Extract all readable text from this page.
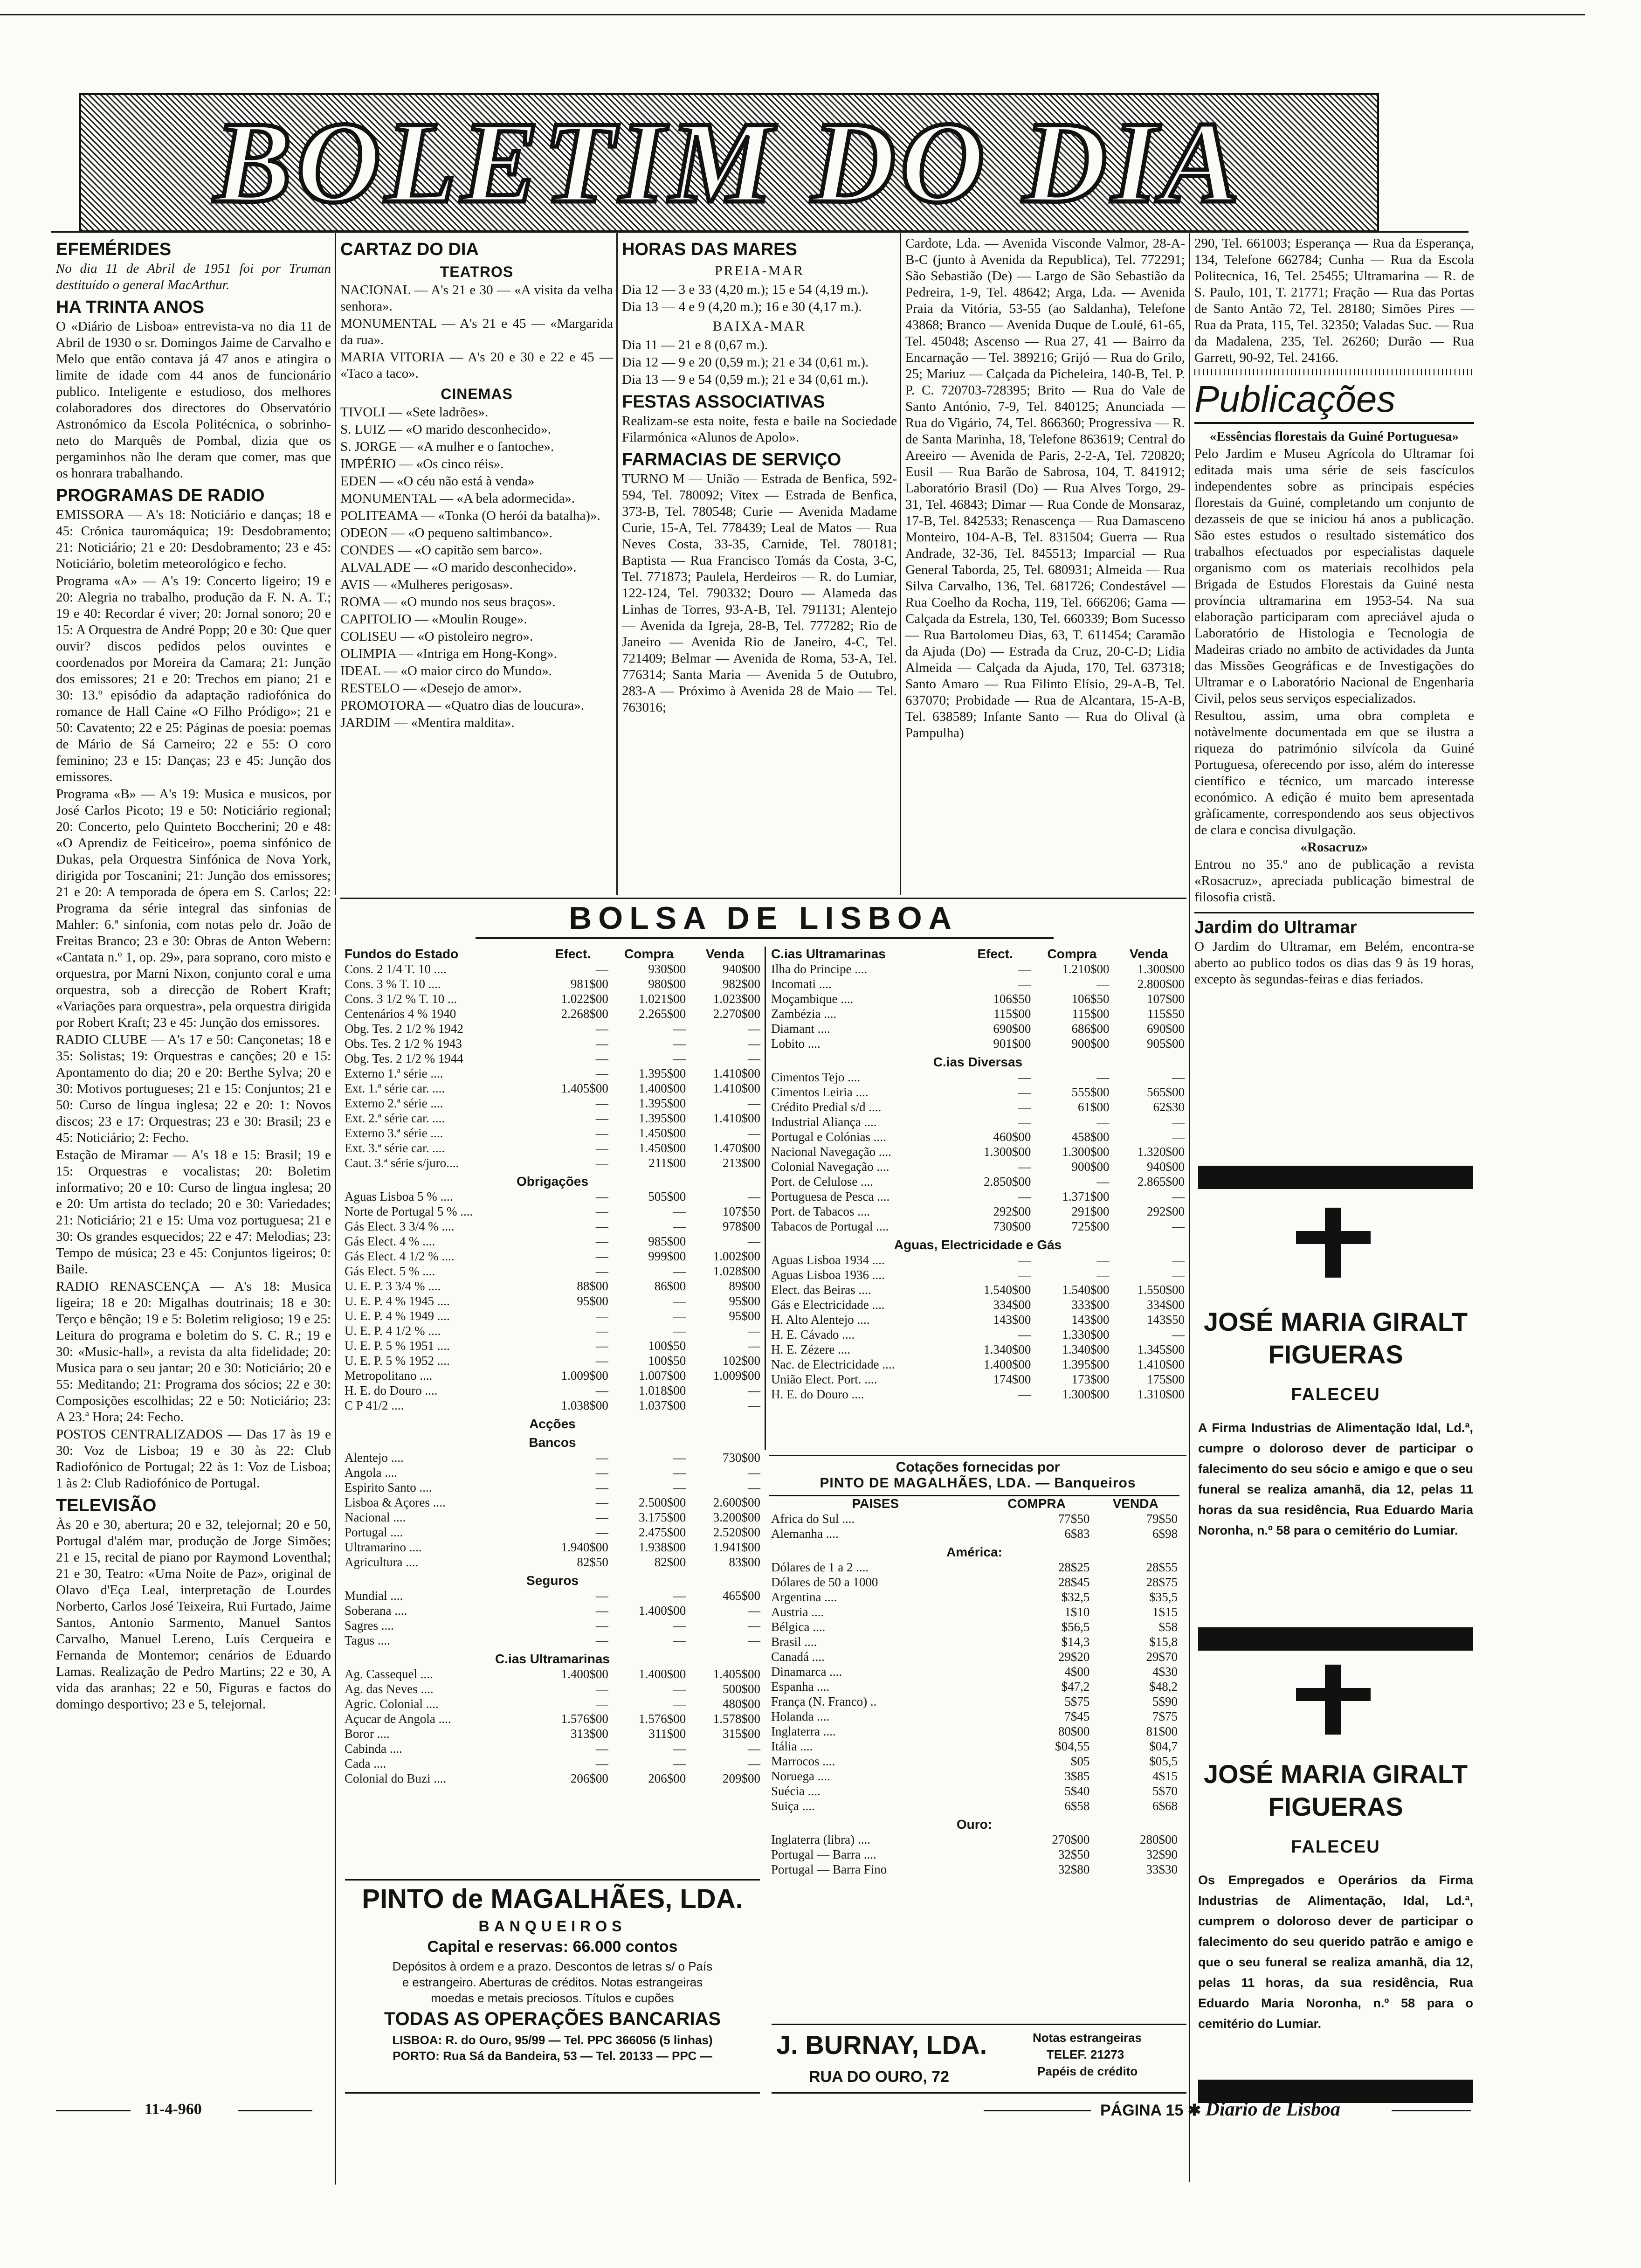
BOLETIM DO DIA
EFEMÉRIDES

No dia 11 de Abril de 1951 foi por Truman destituído o general MacArthur.

HA TRINTA ANOS

O «Diário de Lisboa» entrevista-va no dia 11 de Abril de 1930 o sr. Domingos Jaime de Carvalho e Melo que então contava já 47 anos e atingira o limite de idade com 44 anos de funcionário publico. Inteligente e estudioso, dos melhores colaboradores dos directores do Observatório Astronómico da Escola Politécnica, o sobrinho-neto do Marquês de Pombal, dizia que os pergaminhos não lhe deram que comer, mas que os honrara trabalhando.

PROGRAMAS DE RADIO

EMISSORA — A's 18: Noticiário e danças; 18 e 45: Crónica tauromáquica; 19: Desdobramento; 21: Noticiário; 21 e 20: Desdobramento; 23 e 45: Noticiário, boletim meteorológico e fecho.

Programa «A» — A's 19: Concerto ligeiro; 19 e 20: Alegria no trabalho, produção da F. N. A. T.; 19 e 40: Recordar é viver; 20: Jornal sonoro; 20 e 15: A Orquestra de André Popp; 20 e 30: Que quer ouvir? discos pedidos pelos ouvintes e coordenados por Moreira da Camara; 21: Junção dos emissores; 21 e 20: Trechos em piano; 21 e 30: 13.º episódio da adaptação radiofónica do romance de Hall Caine «O Filho Pródigo»; 21 e 50: Cavatento; 22 e 25: Páginas de poesia: poemas de Mário de Sá Carneiro; 22 e 55: O coro feminino; 23 e 15: Danças; 23 e 45: Junção dos emissores.

Programa «B» — A's 19: Musica e musicos, por José Carlos Picoto; 19 e 50: Noticiário regional; 20: Concerto, pelo Quinteto Boccherini; 20 e 48: «O Aprendiz de Feiticeiro», poema sinfónico de Dukas, pela Orquestra Sinfónica de Nova York, dirigida por Toscanini; 21: Junção dos emissores; 21 e 20: A temporada de ópera em S. Carlos; 22: Programa da série integral das sinfonias de Mahler: 6.ª sinfonia, com notas pelo dr. João de Freitas Branco; 23 e 30: Obras de Anton Webern: «Cantata n.º 1, op. 29», para soprano, coro misto e orquestra, por Marni Nixon, conjunto coral e uma orquestra, sob a direcção de Robert Kraft; «Variações para orquestra», pela orquestra dirigida por Robert Kraft; 23 e 45: Junção dos emissores.

RADIO CLUBE — A's 17 e 50: Cançonetas; 18 e 35: Solistas; 19: Orquestras e canções; 20 e 15: Apontamento do dia; 20 e 20: Berthe Sylva; 20 e 30: Motivos portugueses; 21 e 15: Conjuntos; 21 e 50: Curso de língua inglesa; 22 e 20: 1: Novos discos; 23 e 17: Orquestras; 23 e 30: Brasil; 23 e 45: Noticiário; 2: Fecho.

Estação de Miramar — A's 18 e 15: Brasil; 19 e 15: Orquestras e vocalistas; 20: Boletim informativo; 20 e 10: Curso de lingua inglesa; 20 e 20: Um artista do teclado; 20 e 30: Variedades; 21: Noticiário; 21 e 15: Uma voz portuguesa; 21 e 30: Os grandes esquecidos; 22 e 47: Melodias; 23: Tempo de música; 23 e 45: Conjuntos ligeiros; 0: Baile.

RADIO RENASCENÇA — A's 18: Musica ligeira; 18 e 20: Migalhas doutrinais; 18 e 30: Terço e bênção; 19 e 5: Boletim religioso; 19 e 25: Leitura do programa e boletim do S. C. R.; 19 e 30: «Music-hall», a revista da alta fidelidade; 20: Musica para o seu jantar; 20 e 30: Noticiário; 20 e 55: Meditando; 21: Programa dos sócios; 22 e 30: Composições escolhidas; 22 e 50: Noticiário; 23: A 23.ª Hora; 24: Fecho.

POSTOS CENTRALIZADOS — Das 17 às 19 e 30: Voz de Lisboa; 19 e 30 às 22: Club Radiofónico de Portugal; 22 às 1: Voz de Lisboa; 1 às 2: Club Radiofónico de Portugal.

TELEVISÃO

Às 20 e 30, abertura; 20 e 32, telejornal; 20 e 50, Portugal d'além mar, produção de Jorge Simões; 21 e 15, recital de piano por Raymond Loventhal; 21 e 30, Teatro: «Uma Noite de Paz», original de Olavo d'Eça Leal, interpretação de Lourdes Norberto, Carlos José Teixeira, Rui Furtado, Jaime Santos, Antonio Sarmento, Manuel Santos Carvalho, Manuel Lereno, Luís Cerqueira e Fernanda de Montemor; cenários de Eduardo Lamas. Realização de Pedro Martins; 22 e 30, A vida das aranhas; 22 e 50, Figuras e factos do domingo desportivo; 23 e 5, telejornal.

CARTAZ DO DIA
TEATROS

NACIONAL — A's 21 e 30 — «A visita da velha senhora».

MONUMENTAL — A's 21 e 45 — «Margarida da rua».

MARIA VITORIA — A's 20 e 30 e 22 e 45 — «Taco a taco».

CINEMAS

TIVOLI — «Sete ladrões».

S. LUIZ — «O marido desconhecido».

S. JORGE — «A mulher e o fantoche».

IMPÉRIO — «Os cinco réis».

EDEN — «O céu não está à venda»

MONUMENTAL — «A bela adormecida».

POLITEAMA — «Tonka (O herói da batalha)».

ODEON — «O pequeno saltimbanco».

CONDES — «O capitão sem barco».

ALVALADE — «O marido desconhecido».

AVIS — «Mulheres perigosas».

ROMA — «O mundo nos seus braços».

CAPITOLIO — «Moulin Rouge».

COLISEU — «O pistoleiro negro».

OLIMPIA — «Intriga em Hong-Kong».

IDEAL — «O maior circo do Mundo».

RESTELO — «Desejo de amor».

PROMOTORA — «Quatro dias de loucura».

JARDIM — «Mentira maldita».

HORAS DAS MARES
PREIA-MAR

Dia 12 — 3 e 33 (4,20 m.); 15 e 54 (4,19 m.).

Dia 13 — 4 e 9 (4,20 m.); 16 e 30 (4,17 m.).

BAIXA-MAR

Dia 11 — 21 e 8 (0,67 m.).

Dia 12 — 9 e 20 (0,59 m.); 21 e 34 (0,61 m.).

Dia 13 — 9 e 54 (0,59 m.); 21 e 34 (0,61 m.).

FESTAS ASSOCIATIVAS

Realizam-se esta noite, festa e baile na Sociedade Filarmónica «Alunos de Apolo».

FARMACIAS DE SERVIÇO

TURNO M — União — Estrada de Benfica, 592-594, Tel. 780092; Vitex — Estrada de Benfica, 373-B, Tel. 780548; Curie — Avenida Madame Curie, 15-A, Tel. 778439; Leal de Matos — Rua Neves Costa, 33-35, Carnide, Tel. 780181; Baptista — Rua Francisco Tomás da Costa, 3-C, Tel. 771873; Paulela, Herdeiros — R. do Lumiar, 122-124, Tel. 790332; Douro — Alameda das Linhas de Torres, 93-A-B, Tel. 791131; Alentejo — Avenida da Igreja, 28-B, Tel. 777282; Rio de Janeiro — Avenida Rio de Janeiro, 4-C, Tel. 721409; Belmar — Avenida de Roma, 53-A, Tel. 776314; Santa Maria — Avenida 5 de Outubro, 283-A — Próximo à Avenida 28 de Maio — Tel. 763016;

Cardote, Lda. — Avenida Visconde Valmor, 28-A-B-C (junto à Avenida da Republica), Tel. 772291; São Sebastião (De) — Largo de São Sebastião da Pedreira, 1-9, Tel. 48642; Arga, Lda. — Avenida Praia da Vitória, 53-55 (ao Saldanha), Telefone 43868; Branco — Avenida Duque de Loulé, 61-65, Tel. 45048; Ascenso — Rua 27, 41 — Bairro da Encarnação — Tel. 389216; Grijó — Rua do Grilo, 25; Mariuz — Calçada da Picheleira, 140-B, Tel. P. P. C. 720703-728395; Brito — Rua do Vale de Santo António, 7-9, Tel. 840125; Anunciada — Rua do Vigário, 74, Tel. 866360; Progressiva — R. de Santa Marinha, 18, Telefone 863619; Central do Areeiro — Avenida de Paris, 2-2-A, Tel. 720820; Eusil — Rua Barão de Sabrosa, 104, T. 841912; Laboratório Brasil (Do) — Rua Alves Torgo, 29-31, Tel. 46843; Dimar — Rua Conde de Monsaraz, 17-B, Tel. 842533; Renascença — Rua Damasceno Monteiro, 104-A-B, Tel. 831504; Guerra — Rua Andrade, 32-36, Tel. 845513; Imparcial — Rua General Taborda, 25, Tel. 680931; Almeida — Rua Silva Carvalho, 136, Tel. 681726; Condestável — Rua Coelho da Rocha, 119, Tel. 666206; Gama — Calçada da Estrela, 130, Tel. 660339; Bom Sucesso — Rua Bartolomeu Dias, 63, T. 611454; Caramão da Ajuda (Do) — Estrada da Cruz, 20-C-D; Lidia Almeida — Calçada da Ajuda, 170, Tel. 637318; Santo Amaro — Rua Filinto Elísio, 29-A-B, Tel. 637070; Probidade — Rua de Alcantara, 15-A-B, Tel. 638589; Infante Santo — Rua do Olival (à Pampulha)

290, Tel. 661003; Esperança — Rua da Esperança, 134, Telefone 662784; Cunha — Rua da Escola Politecnica, 16, Tel. 25455; Ultramarina — R. de S. Paulo, 101, T. 21771; Fração — Rua das Portas de Santo Antão 72, Tel. 28180; Simões Pires — Rua da Prata, 115, Tel. 32350; Valadas Suc. — Rua da Madalena, 235, Tel. 26260; Durão — Rua Garrett, 90-92, Tel. 24166.

Publicações

«Essências florestais da Guiné Portuguesa»

Pelo Jardim e Museu Agrícola do Ultramar foi editada mais uma série de seis fascículos independentes sobre as principais espécies florestais da Guiné, completando um conjunto de dezasseis de que se iniciou há anos a publicação. São estes estudos o resultado sistemático dos trabalhos efectuados por especialistas daquele organismo com os materiais recolhidos pela Brigada de Estudos Florestais da Guiné nesta província ultramarina em 1953-54. Na sua elaboração participaram com apreciável ajuda o Laboratório de Histologia e Tecnologia de Madeiras criado no ambito de actividades da Junta das Missões Geográficas e de Investigações do Ultramar e o Laboratório Nacional de Engenharia Civil, pelos seus serviços especializados.

Resultou, assim, uma obra completa e notàvelmente documentada em que se ilustra a riqueza do património silvícola da Guiné Portuguesa, oferecendo por isso, além do interesse científico e técnico, um marcado interesse económico. A edição é muito bem apresentada gràficamente, correspondendo aos seus objectivos de clara e concisa divulgação.

«Rosacruz»

Entrou no 35.º ano de publicação a revista «Rosacruz», apreciada publicação bimestral de filosofia cristã.

Jardim do Ultramar

O Jardim do Ultramar, em Belém, encontra-se aberto ao publico todos os dias das 9 às 19 horas, excepto às segundas-feiras e dias feriados.

JOSÉ MARIA GIRALT
FIGUERAS
FALECEU
A Firma Industrias de Alimentação Idal, Ld.ª, cumpre o doloroso dever de participar o falecimento do seu sócio e amigo e que o seu funeral se realiza amanhã, dia 12, pelas 11 horas da sua residência, Rua Eduardo Maria Noronha, n.º 58 para o cemitério do Lumiar.
JOSÉ MARIA GIRALT
FIGUERAS
FALECEU
Os Empregados e Operários da Firma Industrias de Alimentação, Idal, Ld.ª, cumprem o doloroso dever de participar o falecimento do seu querido patrão e amigo e que o seu funeral se realiza amanhã, dia 12, pelas 11 horas, da sua residência, Rua Eduardo Maria Noronha, n.º 58 para o cemitério do Lumiar.
BOLSA DE LISBOA
Fundos do Estado	Efect.	Compra	Venda
Cons. 2 1/4 T. 10 ....	—	930$00	940$00
Cons. 3 % T. 10 ....	981$00	980$00	982$00
Cons. 3 1/2 % T. 10 ...	1.022$00	1.021$00	1.023$00
Centenários 4 % 1940	2.268$00	2.265$00	2.270$00
Obg. Tes. 2 1/2 % 1942	—	—	—
Obs. Tes. 2 1/2 % 1943	—	—	—
Obg. Tes. 2 1/2 % 1944	—	—	—
Externo 1.ª série ....	—	1.395$00	1.410$00
Ext. 1.ª série car. ....	1.405$00	1.400$00	1.410$00
Externo 2.ª série ....	—	1.395$00	—
Ext. 2.ª série car. ....	—	1.395$00	1.410$00
Externo 3.ª série ....	—	1.450$00	—
Ext. 3.ª série car. ....	—	1.450$00	1.470$00
Caut. 3.ª série s/juro....	—	211$00	213$00
Obrigações			
Aguas Lisboa 5 % ....	—	505$00	—
Norte de Portugal 5 % ....	—	—	107$50
Gás Elect. 3 3/4 % ....	—	—	978$00
Gás Elect. 4 % ....	—	985$00	—
Gás Elect. 4 1/2 % ....	—	999$00	1.002$00
Gás Elect. 5 % ....	—	—	1.028$00
U. E. P. 3 3/4 % ....	88$00	86$00	89$00
U. E. P. 4 % 1945 ....	95$00	—	95$00
U. E. P. 4 % 1949 ....	—	—	95$00
U. E. P. 4 1/2 % ....	—	—	—
U. E. P. 5 % 1951 ....	—	100$50	—
U. E. P. 5 % 1952 ....	—	100$50	102$00
Metropolitano ....	1.009$00	1.007$00	1.009$00
H. E. do Douro ....	—	1.018$00	—
C P 41/2 ....	1.038$00	1.037$00	—
Acções			
Bancos			
Alentejo ....	—	—	730$00
Angola ....	—	—	—
Espirito Santo ....	—	—	—
Lisboa & Açores ....	—	2.500$00	2.600$00
Nacional ....	—	3.175$00	3.200$00
Portugal ....	—	2.475$00	2.520$00
Ultramarino ....	1.940$00	1.938$00	1.941$00
Agricultura ....	82$50	82$00	83$00
Seguros			
Mundial ....	—	—	465$00
Soberana ....	—	1.400$00	—
Sagres ....	—	—	—
Tagus ....	—	—	—
C.ias Ultramarinas			
Ag. Cassequel ....	1.400$00	1.400$00	1.405$00
Ag. das Neves ....	—	—	500$00
Agric. Colonial ....	—	—	480$00
Açucar de Angola ....	1.576$00	1.576$00	1.578$00
Boror ....	313$00	311$00	315$00
Cabinda ....	—	—	—
Cada ....	—	—	—
Colonial do Buzi ....	206$00	206$00	209$00
C.ias Ultramarinas	Efect.	Compra	Venda
Ilha do Principe ....	—	1.210$00	1.300$00
Incomati ....	—	—	2.800$00
Moçambique ....	106$50	106$50	107$00
Zambézia ....	115$00	115$00	115$50
Diamant ....	690$00	686$00	690$00
Lobito ....	901$00	900$00	905$00
C.ias Diversas			
Cimentos Tejo ....	—	—	—
Cimentos Leiria ....	—	555$00	565$00
Crédito Predial s/d ....	—	61$00	62$30
Industrial Aliança ....	—	—	—
Portugal e Colónias ....	460$00	458$00	—
Nacional Navegação ....	1.300$00	1.300$00	1.320$00
Colonial Navegação ....	—	900$00	940$00
Port. de Celulose ....	2.850$00	—	2.865$00
Portuguesa de Pesca ....	—	1.371$00	—
Port. de Tabacos ....	292$00	291$00	292$00
Tabacos de Portugal ....	730$00	725$00	—
Aguas, Electricidade e Gás			
Aguas Lisboa 1934 ....	—	—	—
Aguas Lisboa 1936 ....	—	—	—
Elect. das Beiras ....	1.540$00	1.540$00	1.550$00
Gás e Electricidade ....	334$00	333$00	334$00
H. Alto Alentejo ....	143$00	143$00	143$50
H. E. Cávado ....	—	1.330$00	—
H. E. Zézere ....	1.340$00	1.340$00	1.345$00
Nac. de Electricidade ....	1.400$00	1.395$00	1.410$00
União Elect. Port. ....	174$00	173$00	175$00
H. E. do Douro ....	—	1.300$00	1.310$00
Cotações fornecidas por
PINTO DE MAGALHÃES, LDA. — Banqueiros
PAISES	COMPRA	VENDA
Africa do Sul ....	77$50	79$50
Alemanha ....	6$83	6$98
América:		
Dólares de 1 a 2 ....	28$25	28$55
Dólares de 50 a 1000	28$45	28$75
Argentina ....	$32,5	$35,5
Austria ....	1$10	1$15
Bélgica ....	$56,5	$58
Brasil ....	$14,3	$15,8
Canadá ....	29$20	29$70
Dinamarca ....	4$00	4$30
Espanha ....	$47,2	$48,2
França (N. Franco) ..	5$75	5$90
Holanda ....	7$45	7$75
Inglaterra ....	80$00	81$00
Itália ....	$04,55	$04,7
Marrocos ....	$05	$05,5
Noruega ....	3$85	4$15
Suécia ....	5$40	5$70
Suiça ....	6$58	6$68
Ouro:		
Inglaterra (libra) ....	270$00	280$00
Portugal — Barra ....	32$50	32$90
Portugal — Barra Fino	32$80	33$30
PINTO de MAGALHÃES, LDA.
BANQUEIROS
Capital e reservas: 66.000 contos
Depósitos à ordem e a prazo. Descontos de letras s/ o País
e estrangeiro. Aberturas de créditos. Notas estrangeiras
moedas e metais preciosos. Títulos e cupões
TODAS AS OPERAÇÕES BANCARIAS
LISBOA: R. do Ouro, 95/99 — Tel. PPC 366056 (5 linhas)
PORTO: Rua Sá da Bandeira, 53 — Tel. 20133 — PPC —	J. BURNAY, LDA.
RUA DO OURO, 72
Notas estrangeiras
TELEF. 21273
Papéis de crédito
11-4-960	PÁGINA 15 ✱ Diario de Lisboa
